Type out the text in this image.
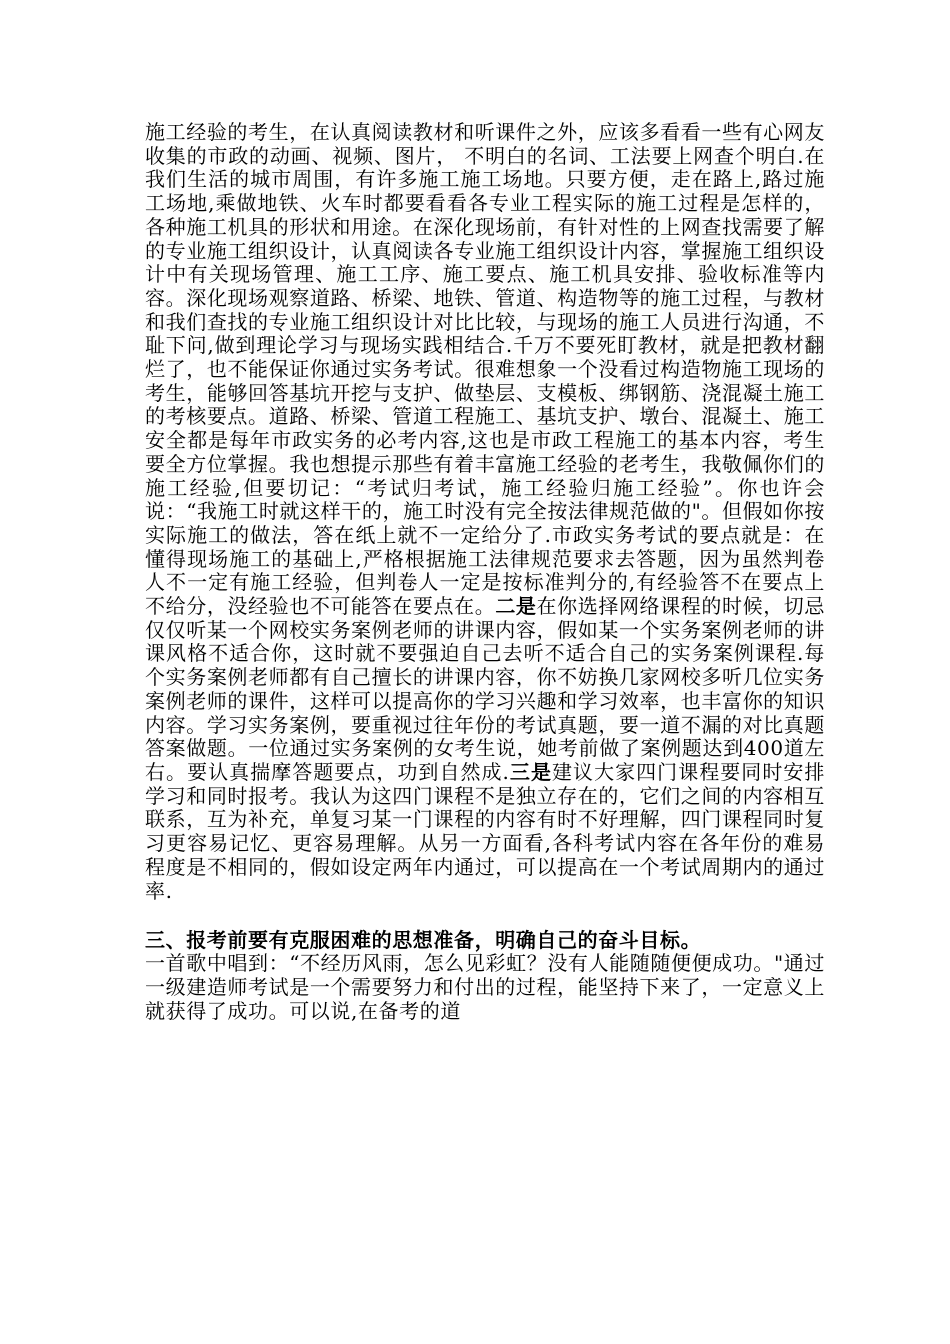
施工经验的考生，在认真阅读教材和听课件之外，应该多看看一些有心网友收集的市政的动画、视频、图片， 不明白的名词、工法要上网查个明白.在我们生活的城市周围，有许多施工施工场地。只要方便，走在路上,路过施工场地,乘做地铁、火车时都要看看各专业工程实际的施工过程是怎样的，各种施工机具的形状和用途。在深化现场前，有针对性的上网查找需要了解的专业施工组织设计，认真阅读各专业施工组织设计内容，掌握施工组织设计中有关现场管理、施工工序、施工要点、施工机具安排、验收标准等内容。深化现场观察道路、桥梁、地铁、管道、构造物等的施工过程，与教材和我们查找的专业施工组织设计对比比较，与现场的施工人员进行沟通，不耻下问,做到理论学习与现场实践相结合.千万不要死盯教材，就是把教材翻烂了，也不能保证你通过实务考试。很难想象一个没看过构造物施工现场的考生，能够回答基坑开挖与支护、做垫层、支模板、绑钢筋、浇混凝土施工的考核要点。道路、桥梁、管道工程施工、基坑支护、墩台、混凝土、施工安全都是每年市政实务的必考内容,这也是市政工程施工的基本内容，考生要全方位掌握。我也想提示那些有着丰富施工经验的老考生，我敬佩你们的施工经验,但要切记：“考试归考试，施工经验归施工经验”。你也许会说：“我施工时就这样干的，施工时没有完全按法律规范做的"。但假如你按实际施工的做法，答在纸上就不一定给分了.市政实务考试的要点就是：在懂得现场施工的基础上,严格根据施工法律规范要求去答题，因为虽然判卷人不一定有施工经验，但判卷人一定是按标准判分的,有经验答不在要点上不给分，没经验也不可能答在要点在。二是在你选择网络课程的时候，切忌仅仅听某一个网校实务案例老师的讲课内容，假如某一个实务案例老师的讲课风格不适合你，这时就不要强迫自己去听不适合自己的实务案例课程.每个实务案例老师都有自己擅长的讲课内容，你不妨换几家网校多听几位实务案例老师的课件，这样可以提高你的学习兴趣和学习效率，也丰富你的知识内容。学习实务案例，要重视过往年份的考试真题，要一道不漏的对比真题答案做题。一位通过实务案例的女考生说，她考前做了案例题达到400道左右。要认真揣摩答题要点，功到自然成.三是建议大家四门课程要同时安排学习和同时报考。我认为这四门课程不是独立存在的，它们之间的内容相互联系，互为补充，单复习某一门课程的内容有时不好理解，四门课程同时复习更容易记忆、更容易理解。从另一方面看,各科考试内容在各年份的难易程度是不相同的，假如设定两年内通过，可以提高在一个考试周期内的通过率.

三、报考前要有克服困难的思想准备，明确自己的奋斗目标。

一首歌中唱到：“不经历风雨，怎么见彩虹？没有人能随随便便成功。"通过一级建造师考试是一个需要努力和付出的过程，能坚持下来了，一定意义上就获得了成功。可以说,在备考的道
